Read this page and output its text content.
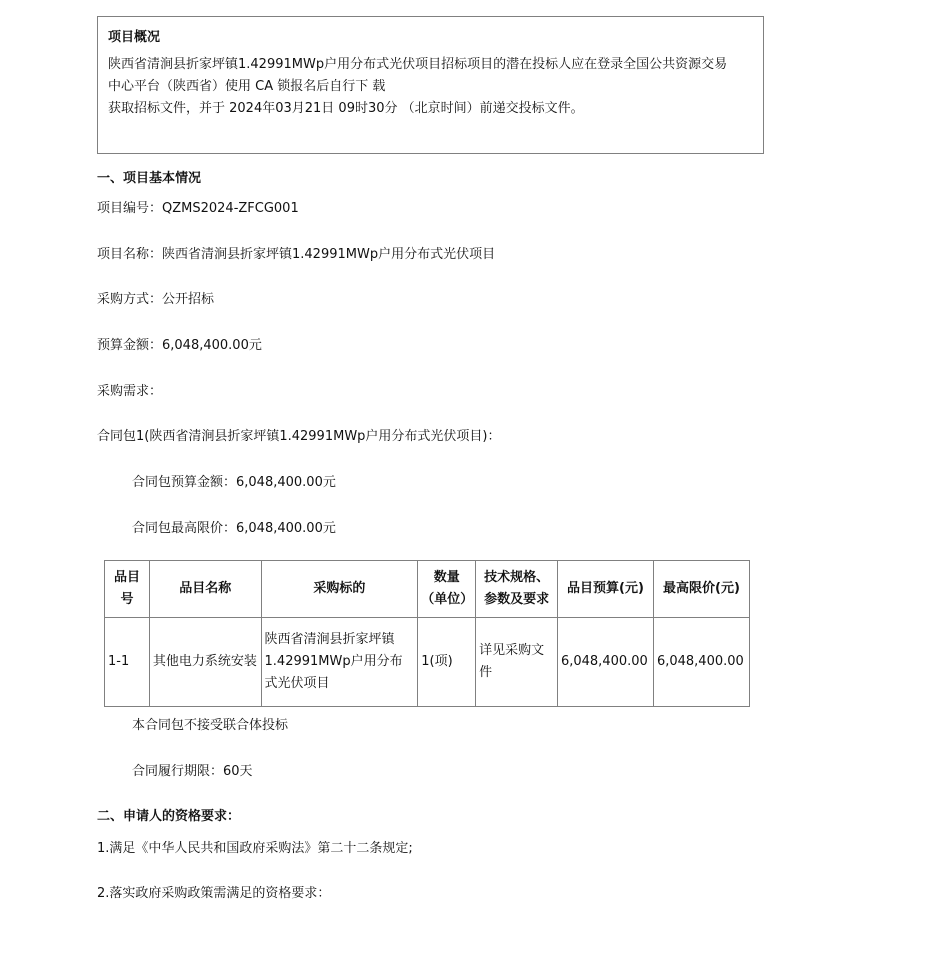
项目概况

陕西省清涧县折家坪镇1.42991MWp户用分布式光伏项目招标项目的潜在投标人应在登录全国公共资源交易

中心平台（陕西省）使用 CA 锁报名后自行下 载

获取招标文件，并于 2024年03月21日 09时30分 （北京时间）前递交投标文件。

一、项目基本情况
项目编号：QZMS2024-ZFCG001
项目名称：陕西省清涧县折家坪镇1.42991MWp户用分布式光伏项目
采购方式：公开招标
预算金额：6,048,400.00元
采购需求：
合同包1(陕西省清涧县折家坪镇1.42991MWp户用分布式光伏项目)：
合同包预算金额：6,048,400.00元
合同包最高限价：6,048,400.00元
品目号	品目名称	采购标的	数量（单位）	技术规格、参数及要求	品目预算(元)	最高限价(元)
1-1	其他电力系统安装	陕西省清涧县折家坪镇1.42991MWp户用分布式光伏项目	1(项)	详见采购文件	6,048,400.00	6,048,400.00
本合同包不接受联合体投标
合同履行期限：60天
二、申请人的资格要求：
1.满足《中华人民共和国政府采购法》第二十二条规定;
2.落实政府采购政策需满足的资格要求：
